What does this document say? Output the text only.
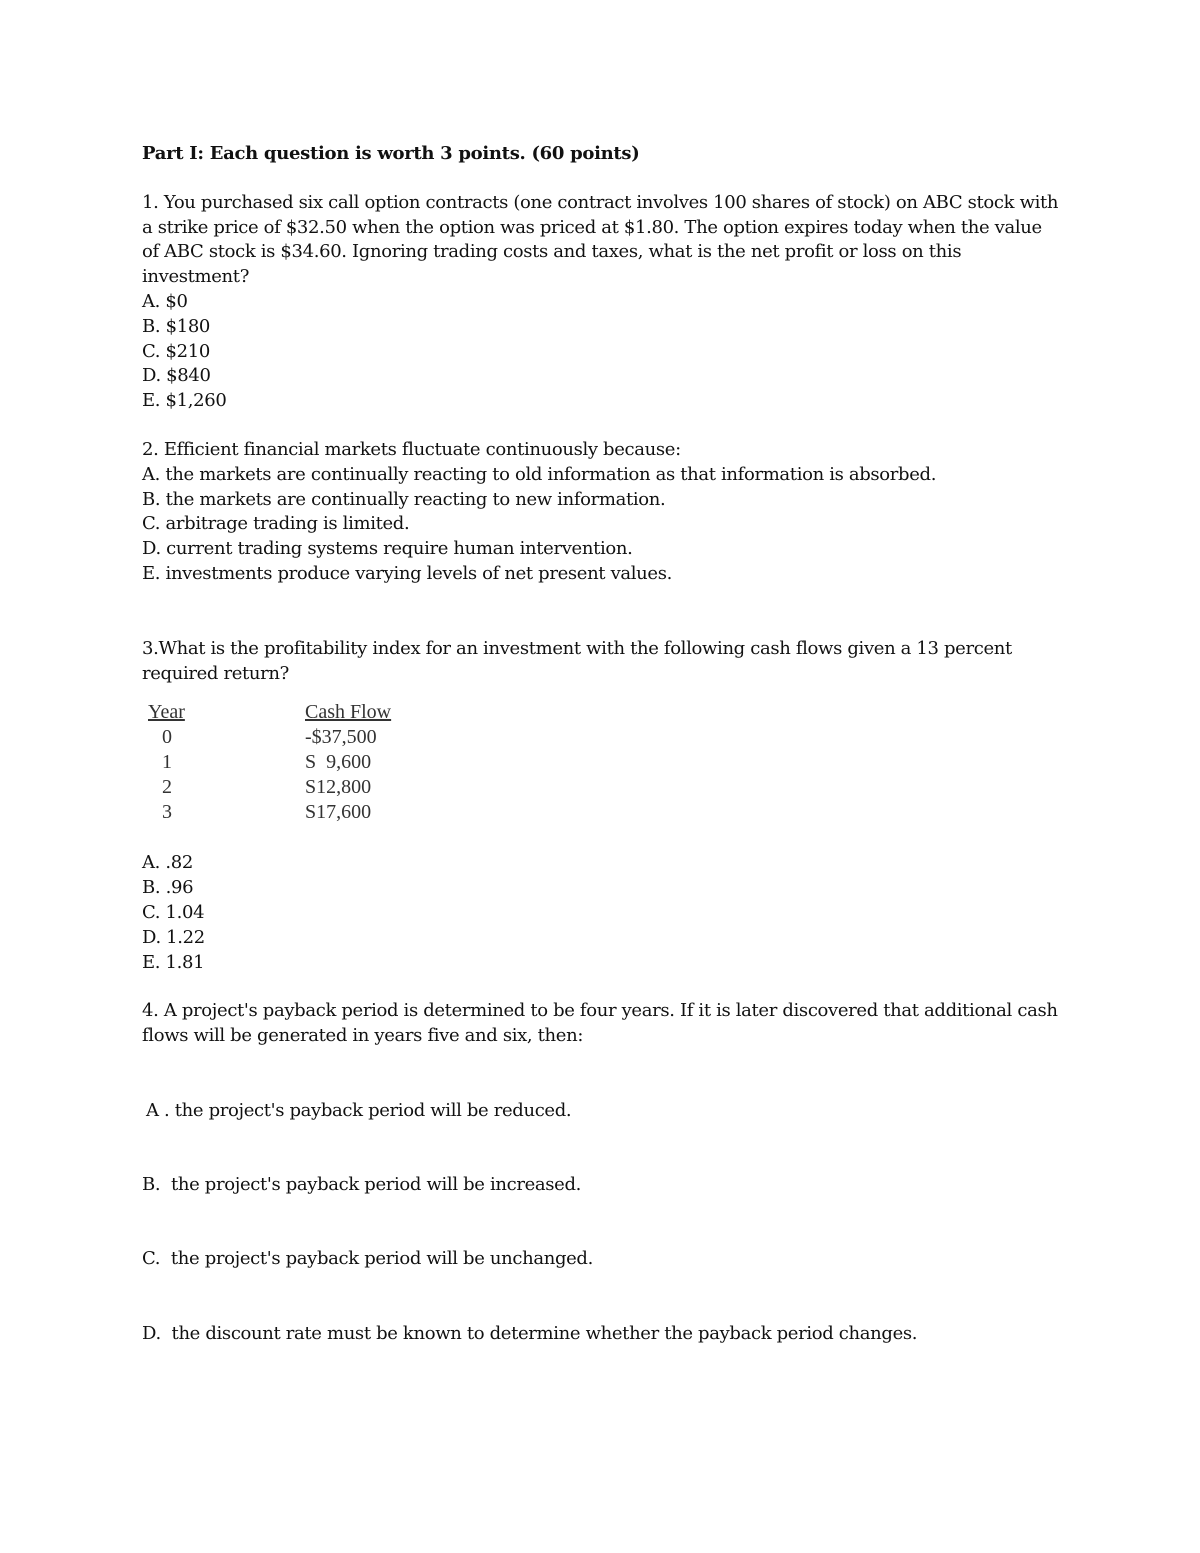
Part I: Each question is worth 3 points. (60 points)

1. You purchased six call option contracts (one contract involves 100 shares of stock) on ABC stock with a strike price of $32.50 when the option was priced at $1.80. The option expires today when the value of ABC stock is $34.60. Ignoring trading costs and taxes, what is the net profit or loss on this investment?

A. $0
B. $180
C. $210
D. $840
E. $1,260

2. Efficient financial markets fluctuate continuously because:

A. the markets are continually reacting to old information as that information is absorbed.
B. the markets are continually reacting to new information.
C. arbitrage trading is limited.
D. current trading systems require human intervention.
E. investments produce varying levels of net present values.

3.What is the profitability index for an investment with the following cash flows given a 13 percent required return?

Year	Cash Flow
0	-$37,500
1	S  9,600
2	S12,800
3	S17,600
A. .82
B. .96
C. 1.04
D. 1.22
E. 1.81

4. A project's payback period is determined to be four years. If it is later discovered that additional cash flows will be generated in years five and six, then:

A . the project's payback period will be reduced.

B.  the project's payback period will be increased.

C.  the project's payback period will be unchanged.

D.  the discount rate must be known to determine whether the payback period changes.
